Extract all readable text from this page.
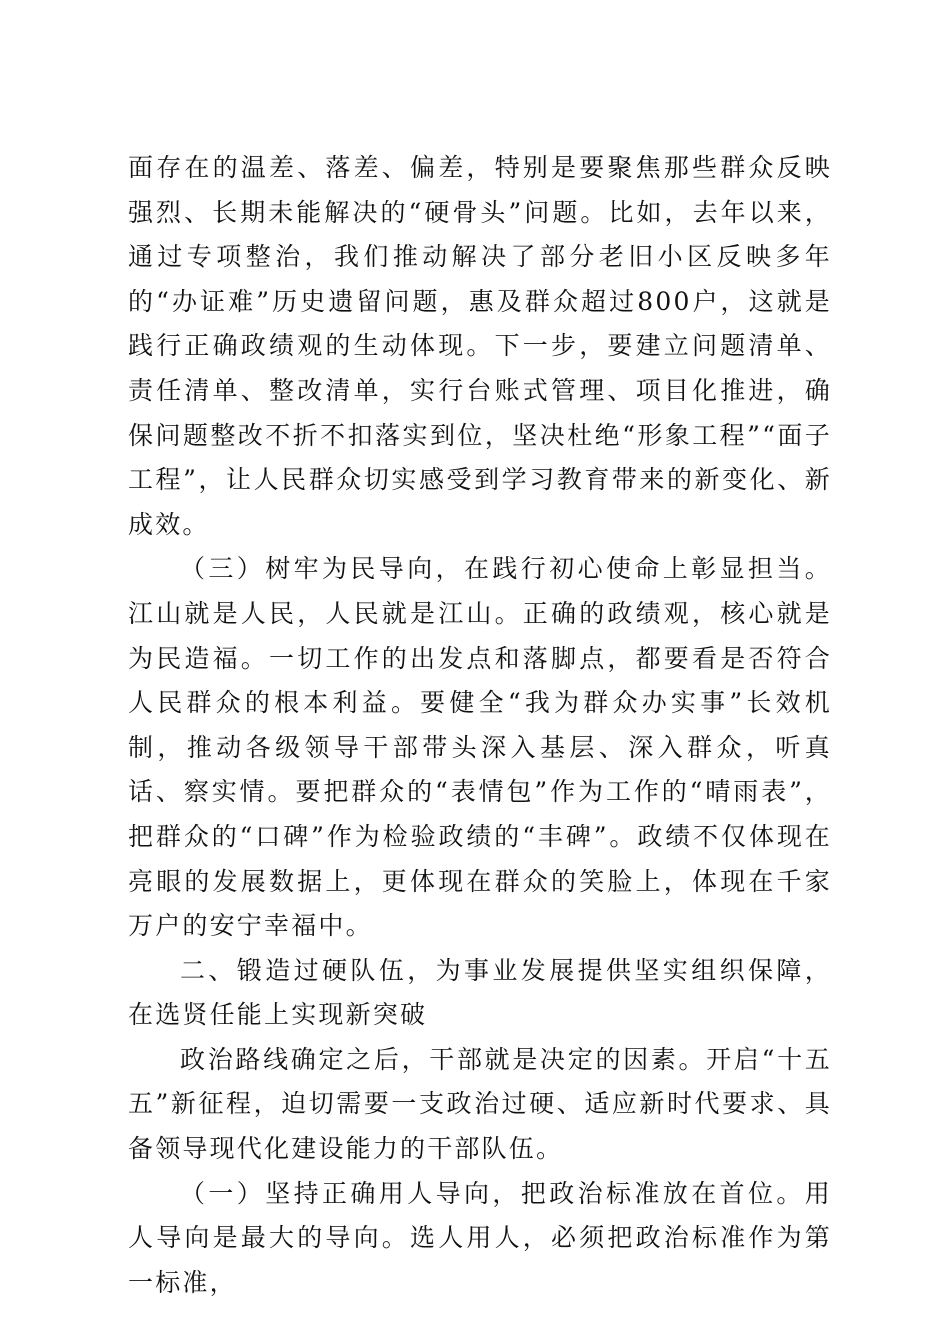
面存在的温差、落差、偏差，特别是要聚焦那些群众反映强烈、长期未能解决的“硬骨头”问题。比如，去年以来，通过专项整治，我们推动解决了部分老旧小区反映多年的“办证难”历史遗留问题，惠及群众超过800户，这就是践行正确政绩观的生动体现。下一步，要建立问题清单、责任清单、整改清单，实行台账式管理、项目化推进，确保问题整改不折不扣落实到位，坚决杜绝“形象工程”“面子工程”，让人民群众切实感受到学习教育带来的新变化、新成效。

（三）树牢为民导向，在践行初心使命上彰显担当。江山就是人民，人民就是江山。正确的政绩观，核心就是为民造福。一切工作的出发点和落脚点，都要看是否符合人民群众的根本利益。要健全“我为群众办实事”长效机制，推动各级领导干部带头深入基层、深入群众，听真话、察实情。要把群众的“表情包”作为工作的“晴雨表”，把群众的“口碑”作为检验政绩的“丰碑”。政绩不仅体现在亮眼的发展数据上，更体现在群众的笑脸上，体现在千家万户的安宁幸福中。

二、锻造过硬队伍，为事业发展提供坚实组织保障，在选贤任能上实现新突破

政治路线确定之后，干部就是决定的因素。开启“十五五”新征程，迫切需要一支政治过硬、适应新时代要求、具备领导现代化建设能力的干部队伍。

（一）坚持正确用人导向，把政治标准放在首位。用人导向是最大的导向。选人用人，必须把政治标准作为第一标准，
